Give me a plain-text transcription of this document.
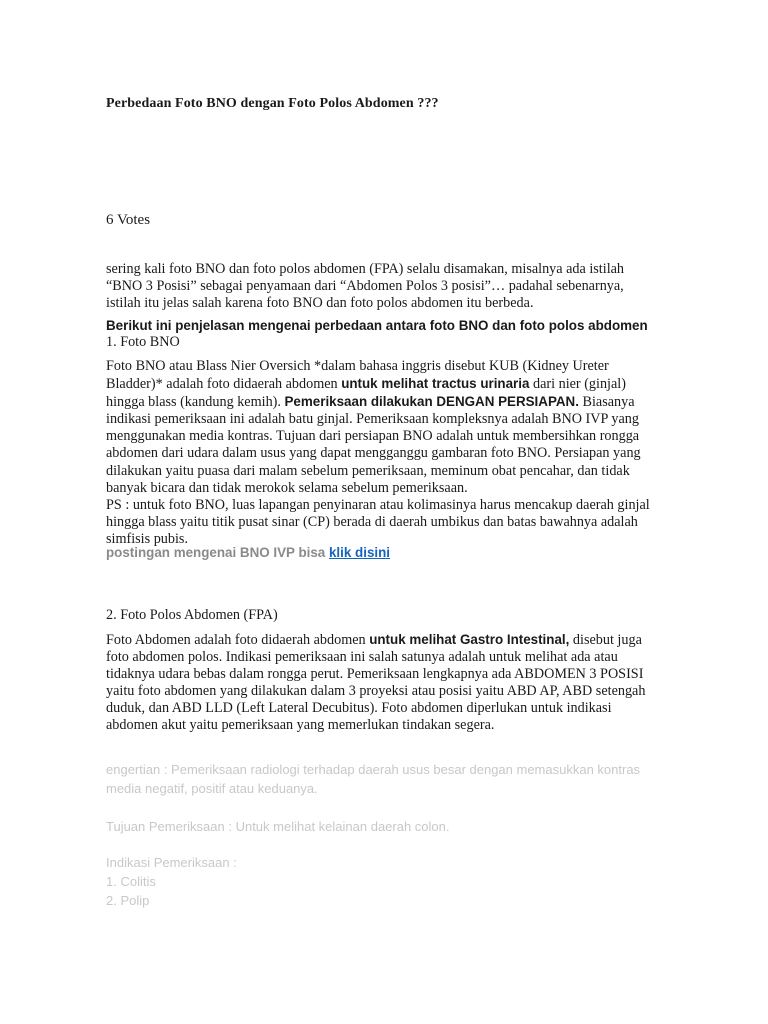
Perbedaan Foto BNO dengan Foto Polos Abdomen ???
6 Votes
sering kali foto BNO dan foto polos abdomen (FPA) selalu disamakan, misalnya ada istilah
“BNO 3 Posisi” sebagai penyamaan dari “Abdomen Polos 3 posisi”… padahal sebenarnya,
istilah itu jelas salah karena foto BNO dan foto polos abdomen itu berbeda.
Berikut ini penjelasan mengenai perbedaan antara foto BNO dan foto polos abdomen
1. Foto BNO
Foto BNO atau Blass Nier Oversich *dalam bahasa inggris disebut KUB (Kidney Ureter Bladder)* adalah foto didaerah abdomen untuk melihat tractus urinaria dari nier (ginjal) hingga blass (kandung kemih). Pemeriksaan dilakukan DENGAN PERSIAPAN. Biasanya indikasi pemeriksaan ini adalah batu ginjal. Pemeriksaan kompleksnya adalah BNO IVP yang menggunakan media kontras. Tujuan dari persiapan BNO adalah untuk membersihkan rongga abdomen dari udara dalam usus yang dapat mengganggu gambaran foto BNO. Persiapan yang dilakukan yaitu puasa dari malam sebelum pemeriksaan, meminum obat pencahar, dan tidak banyak bicara dan tidak merokok selama sebelum pemeriksaan.
PS : untuk foto BNO, luas lapangan penyinaran atau kolimasinya harus mencakup daerah ginjal hingga blass yaitu titik pusat sinar (CP) berada di daerah umbikus dan batas bawahnya adalah simfisis pubis.
postingan mengenai BNO IVP bisa klik disini
2. Foto Polos Abdomen (FPA)
Foto Abdomen adalah foto didaerah abdomen untuk melihat Gastro Intestinal, disebut juga foto abdomen polos. Indikasi pemeriksaan ini salah satunya adalah untuk melihat ada atau tidaknya udara bebas dalam rongga perut. Pemeriksaan lengkapnya ada ABDOMEN 3 POSISI yaitu foto abdomen yang dilakukan dalam 3 proyeksi atau posisi yaitu ABD AP, ABD setengah duduk, dan ABD LLD (Left Lateral Decubitus). Foto abdomen diperlukan untuk indikasi abdomen akut yaitu pemeriksaan yang memerlukan tindakan segera.
engertian : Pemeriksaan radiologi terhadap daerah usus besar dengan memasukkan kontras
media negatif, positif atau keduanya.
Tujuan Pemeriksaan : Untuk melihat kelainan daerah colon.
Indikasi Pemeriksaan :
1. Colitis
2. Polip
